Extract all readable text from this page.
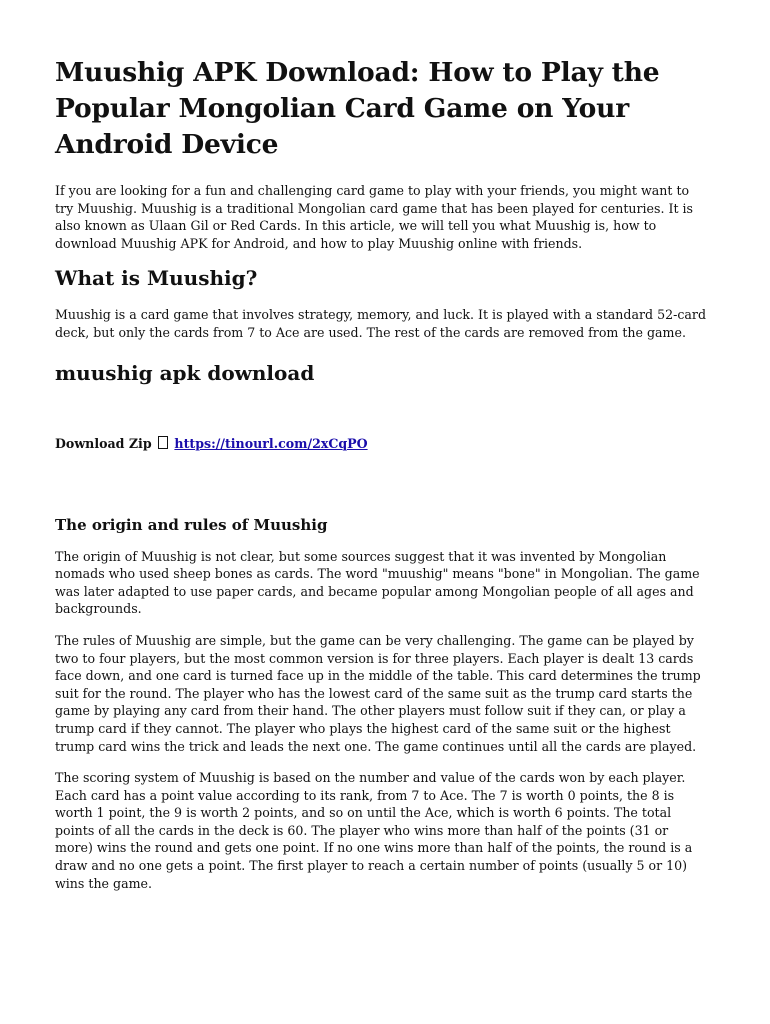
Muushig APK Download: How to Play the Popular Mongolian Card Game on Your Android Device

If you are looking for a fun and challenging card game to play with your friends, you might want to try Muushig. Muushig is a traditional Mongolian card game that has been played for centuries. It is also known as Ulaan Gil or Red Cards. In this article, we will tell you what Muushig is, how to download Muushig APK for Android, and how to play Muushig online with friends.

What is Muushig?

Muushig is a card game that involves strategy, memory, and luck. It is played with a standard 52-card deck, but only the cards from 7 to Ace are used. The rest of the cards are removed from the game.

muushig apk download

Download Zip https://tinourl.com/2xCqPO

The origin and rules of Muushig

The origin of Muushig is not clear, but some sources suggest that it was invented by Mongolian nomads who used sheep bones as cards. The word "muushig" means "bone" in Mongolian. The game was later adapted to use paper cards, and became popular among Mongolian people of all ages and backgrounds.

The rules of Muushig are simple, but the game can be very challenging. The game can be played by two to four players, but the most common version is for three players. Each player is dealt 13 cards face down, and one card is turned face up in the middle of the table. This card determines the trump suit for the round. The player who has the lowest card of the same suit as the trump card starts the game by playing any card from their hand. The other players must follow suit if they can, or play a trump card if they cannot. The player who plays the highest card of the same suit or the highest trump card wins the trick and leads the next one. The game continues until all the cards are played.

The scoring system of Muushig is based on the number and value of the cards won by each player. Each card has a point value according to its rank, from 7 to Ace. The 7 is worth 0 points, the 8 is worth 1 point, the 9 is worth 2 points, and so on until the Ace, which is worth 6 points. The total points of all the cards in the deck is 60. The player who wins more than half of the points (31 or more) wins the round and gets one point. If no one wins more than half of the points, the round is a draw and no one gets a point. The first player to reach a certain number of points (usually 5 or 10) wins the game.
